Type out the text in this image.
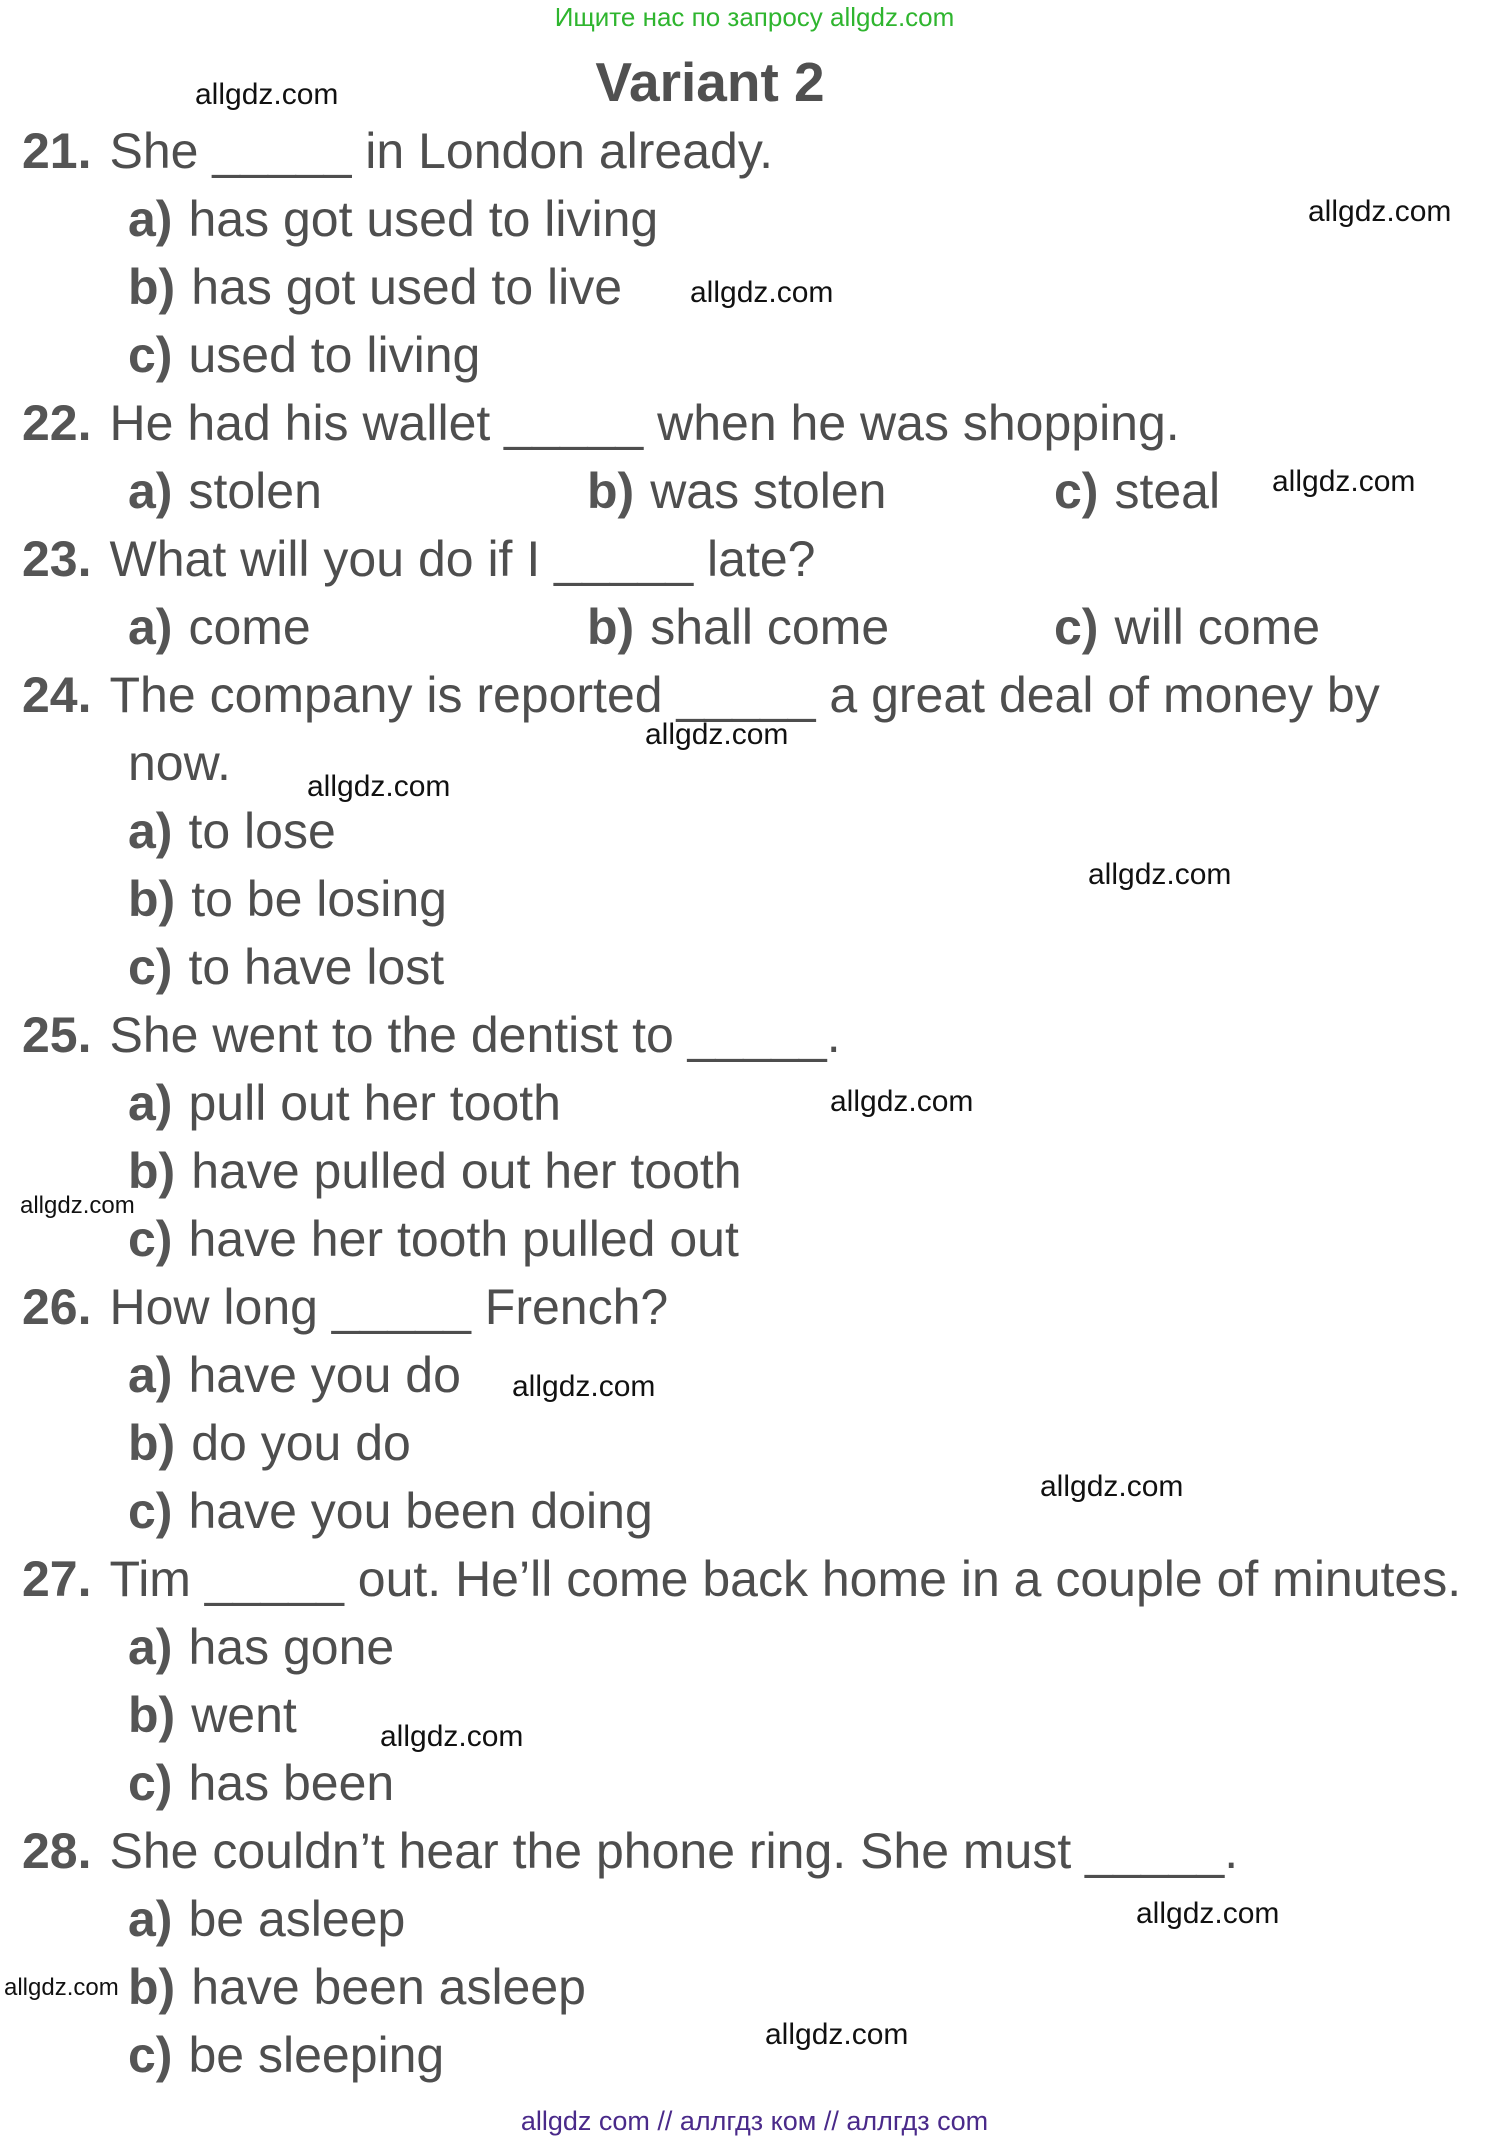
Ищите нас по запросу allgdz.com
Variant 2
21. She _____ in London already.
a) has got used to living
b) has got used to live
c) used to living
22. He had his wallet _____ when he was shopping.
a) stolen	b) was stolen	c) steal
23. What will you do if I _____ late?
a) come	b) shall come	c) will come
24. The company is reported _____ a great deal of money by
now.
a) to lose
b) to be losing
c) to have lost
25. She went to the dentist to _____.
a) pull out her tooth
b) have pulled out her tooth
c) have her tooth pulled out
26. How long _____ French?
a) have you do
b) do you do
c) have you been doing
27. Tim _____ out. He’ll come back home in a couple of minutes.
a) has gone
b) went
c) has been
28. She couldn’t hear the phone ring. She must _____.
a) be asleep
b) have been asleep
c) be sleeping
allgdz.com
allgdz.com
allgdz.com
allgdz.com
allgdz.com
allgdz.com
allgdz.com
allgdz.com
allgdz.com
allgdz.com
allgdz.com
allgdz.com
allgdz.com
allgdz.com
allgdz.com
allgdz com // аллгдз ком // аллгдз com
